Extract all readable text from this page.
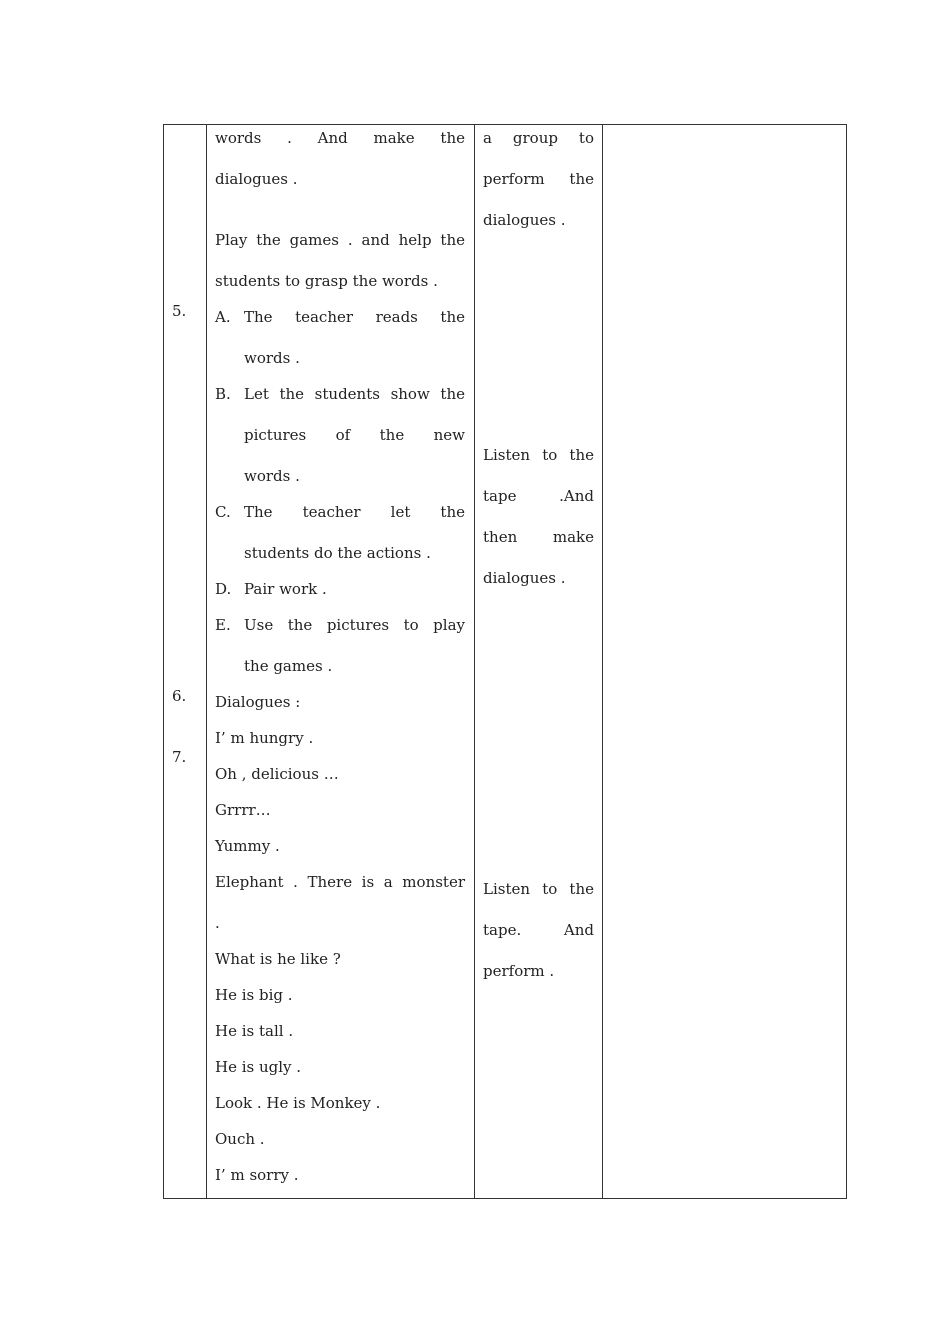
5.
6.
7.
words . And make the
dialogues .
Play the games . and help the
students to grasp the words .
A. The teacher reads the
words .
B. Let the students show the
pictures of the new
words .
C. The teacher let the
students do the actions .
D. Pair work .
E. Use the pictures to play
the games .
Dialogues :
I’ m hungry .
Oh , delicious …
Grrrr…
Yummy .
Elephant . There is a monster
.
What is he like ?
He is big .
He is tall .
He is ugly .
Look . He is Monkey .
Ouch .
I’ m sorry .
a group to
perform the
dialogues .
Listen to the
tape .And
then make
dialogues .
Listen to the
tape. And
perform .
